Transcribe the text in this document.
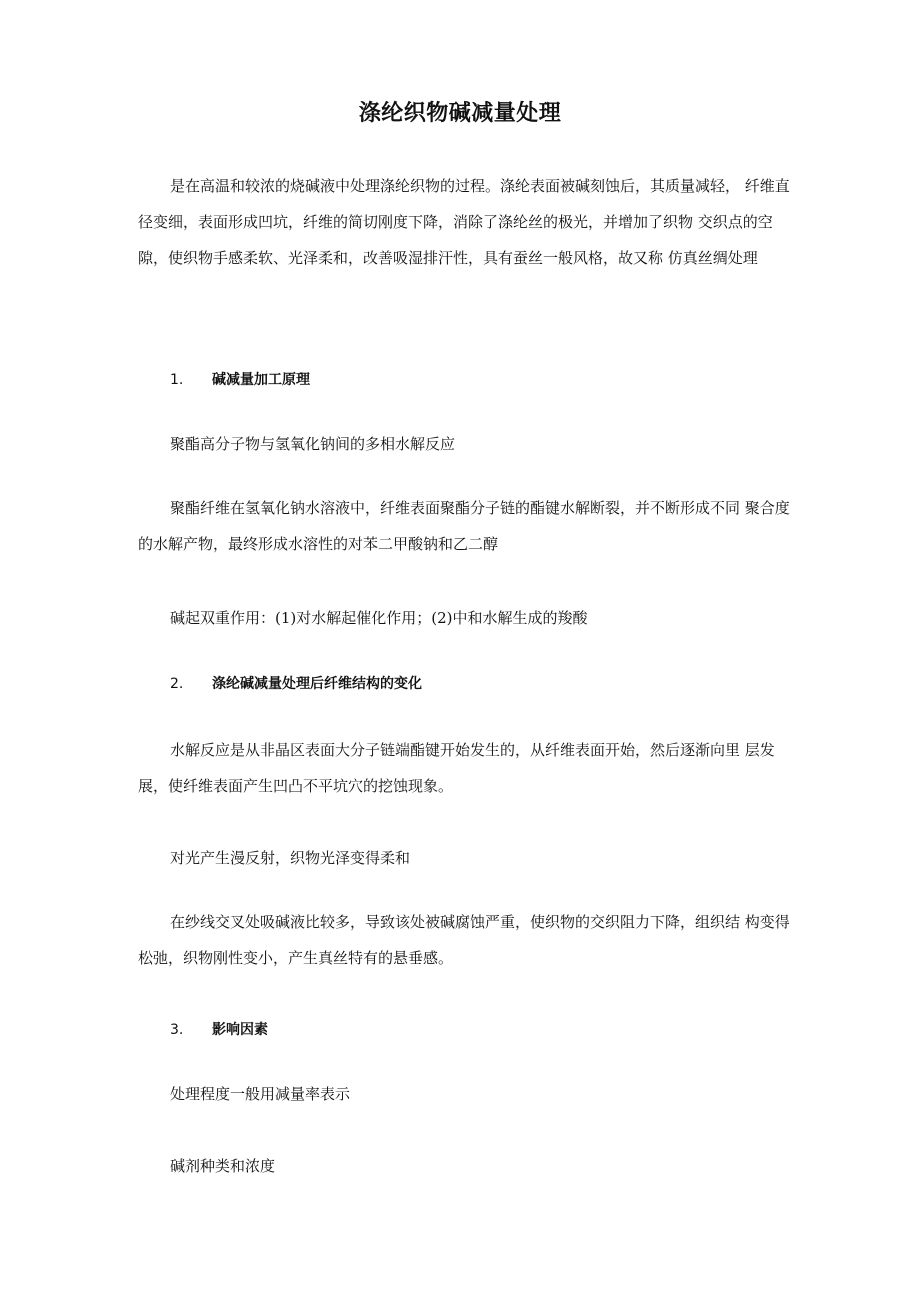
涤纶织物碱减量处理

是在高温和较浓的烧碱液中处理涤纶织物的过程。涤纶表面被碱刻蚀后，其质量减轻， 纤维直径变细，表面形成凹坑，纤维的简切刚度下降，消除了涤纶丝的极光，并增加了织物 交织点的空隙，使织物手感柔软、光泽柔和，改善吸湿排汗性，具有蚕丝一般风格，故又称 仿真丝绸处理

1. 碱减量加工原理

聚酯高分子物与氢氧化钠间的多相水解反应

聚酯纤维在氢氧化钠水溶液中，纤维表面聚酯分子链的酯键水解断裂，并不断形成不同 聚合度的水解产物，最终形成水溶性的对苯二甲酸钠和乙二醇

碱起双重作用：(1)对水解起催化作用；(2)中和水解生成的羧酸

2. 涤纶碱减量处理后纤维结构的变化

水解反应是从非晶区表面大分子链端酯键开始发生的，从纤维表面开始，然后逐渐向里 层发展，使纤维表面产生凹凸不平坑穴的挖蚀现象。

对光产生漫反射，织物光泽变得柔和

在纱线交叉处吸碱液比较多，导致该处被碱腐蚀严重，使织物的交织阻力下降，组织结 构变得松弛，织物刚性变小，产生真丝特有的悬垂感。

3. 影响因素

处理程度一般用减量率表示

碱剂种类和浓度
